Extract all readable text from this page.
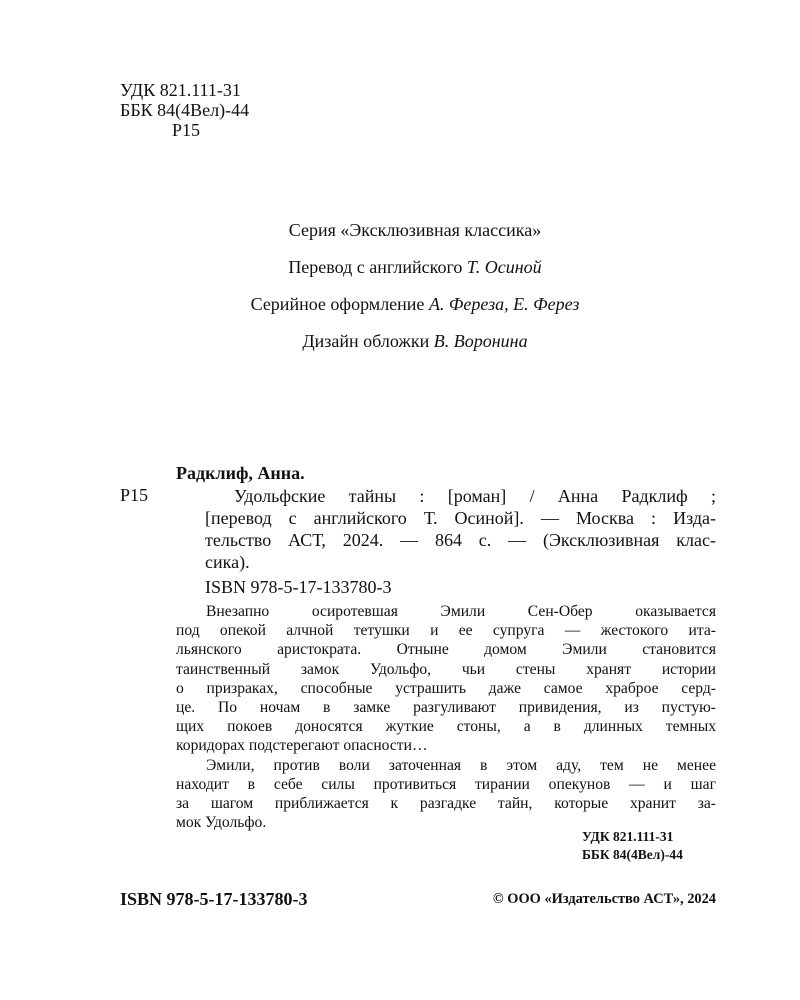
УДК 821.111-31
ББК 84(4Вел)-44
Р15
Серия «Эксклюзивная классика»
Перевод с английского Т. Осиной
Серийное оформление А. Фереза, Е. Ферез
Дизайн обложки В. Воронина
Р15
Радклиф, Анна.
Удольфские тайны : [роман] / Анна Радклиф ;
[перевод с английского Т. Осиной]. — Москва : Изда-
тельство АСТ, 2024. — 864 с. — (Эксклюзивная клас-
сика).
ISBN 978-5-17-133780-3
Внезапно осиротевшая Эмили Сен-Обер оказывается
под опекой алчной тетушки и ее супруга — жестокого ита-
льянского аристократа. Отныне домом Эмили становится
таинственный замок Удольфо, чьи стены хранят истории
о призраках, способные устрашить даже самое храброе серд-
це. По ночам в замке разгуливают привидения, из пустую-
щих покоев доносятся жуткие стоны, а в длинных темных
коридорах подстерегают опасности…
Эмили, против воли заточенная в этом аду, тем не менее
находит в себе силы противиться тирании опекунов — и шаг
за шагом приближается к разгадке тайн, которые хранит за-
мок Удольфо.
УДК 821.111-31
ББК 84(4Вел)-44
ISBN 978-5-17-133780-3	© ООО «Издательство АСТ», 2024
